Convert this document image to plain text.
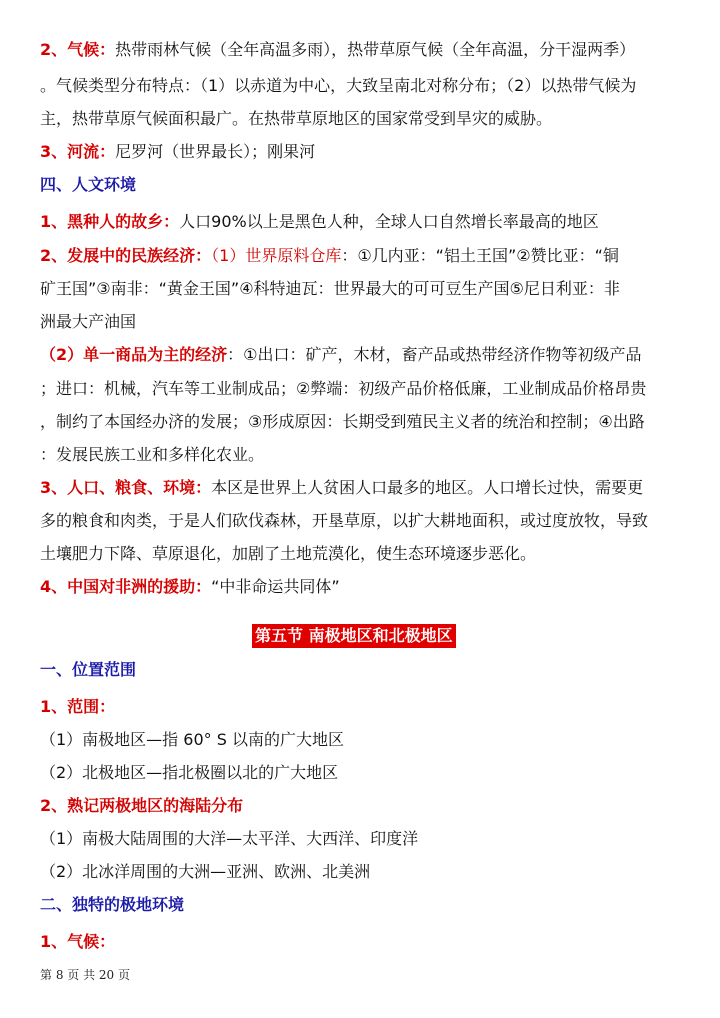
2、气候：热带雨林气候（全年高温多雨），热带草原气候（全年高温，分干湿两季）
。气候类型分布特点：（1）以赤道为中心，大致呈南北对称分布；（2）以热带气候为
主，热带草原气候面积最广。在热带草原地区的国家常受到旱灾的威胁。
3、河流：尼罗河（世界最长）；刚果河
四、人文环境
1、黑种人的故乡：人口90%以上是黑色人种，全球人口自然增长率最高的地区
2、发展中的民族经济：（1）世界原料仓库：①几内亚：“铝土王国”②赞比亚：“铜
矿王国”③南非：“黄金王国”④科特迪瓦：世界最大的可可豆生产国⑤尼日利亚：非
洲最大产油国
（2）单一商品为主的经济：①出口：矿产，木材，畜产品或热带经济作物等初级产品
；进口：机械，汽车等工业制成品；②弊端：初级产品价格低廉，工业制成品价格昂贵
，制约了本国经办济的发展；③形成原因：长期受到殖民主义者的统治和控制；④出路
：发展民族工业和多样化农业。
3、人口、粮食、环境：本区是世界上人贫困人口最多的地区。人口增长过快，需要更
多的粮食和肉类，于是人们砍伐森林，开垦草原，以扩大耕地面积，或过度放牧，导致
土壤肥力下降、草原退化，加剧了土地荒漠化，使生态环境逐步恶化。
4、中国对非洲的援助：“中非命运共同体”
第五节 南极地区和北极地区
一、位置范围
1、范围：
（1）南极地区—指 60° S 以南的广大地区
（2）北极地区—指北极圈以北的广大地区
2、熟记两极地区的海陆分布
（1）南极大陆周围的大洋—太平洋、大西洋、印度洋
（2）北冰洋周围的大洲—亚洲、欧洲、北美洲
二、独特的极地环境
1、气候：
第 8 页 共 20 页
